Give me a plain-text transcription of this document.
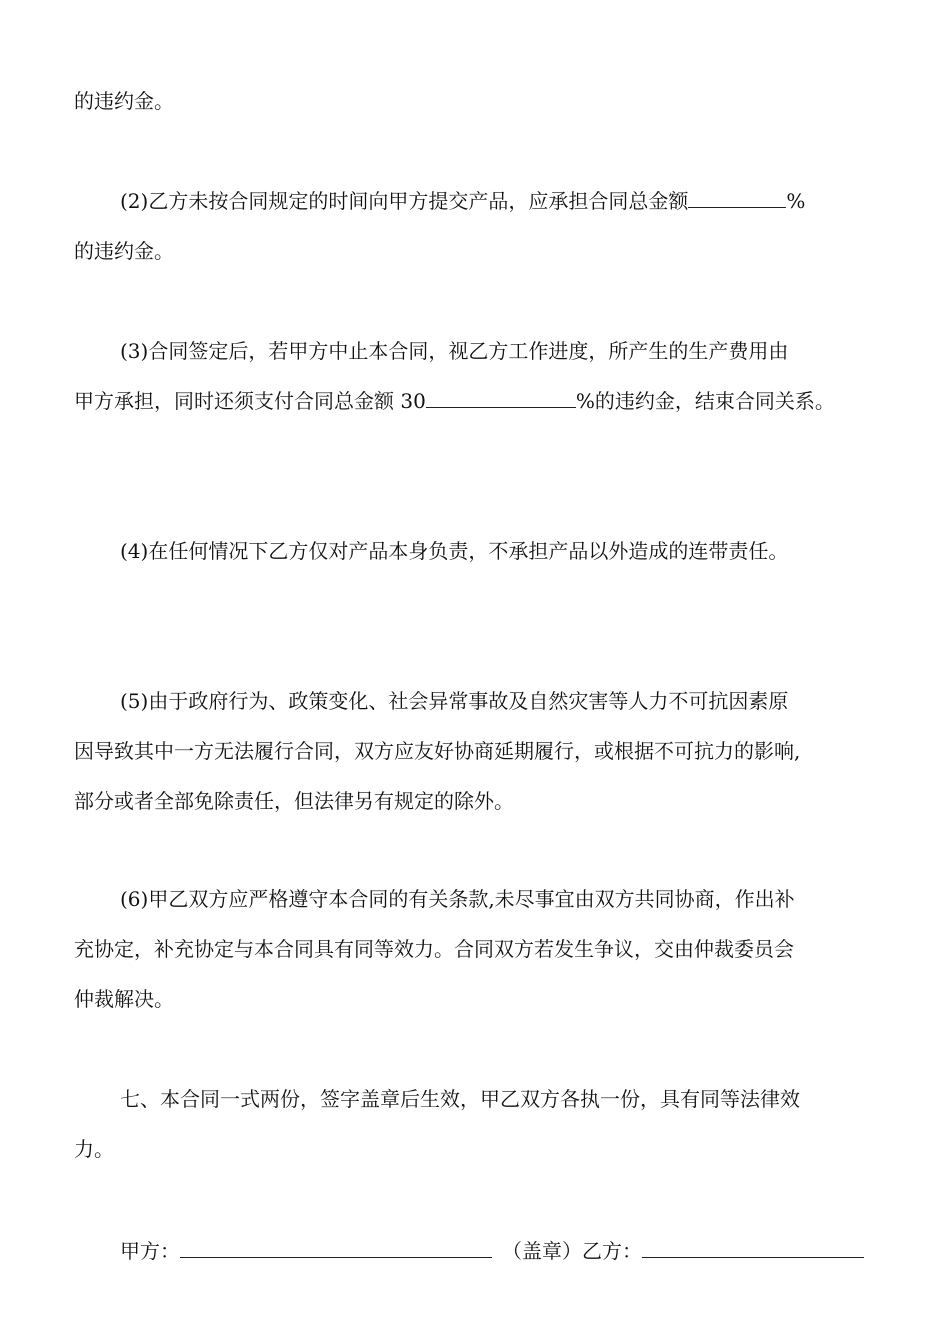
的违约金。
(2)乙方未按合同规定的时间向甲方提交产品，应承担合同总金额	%
的违约金。
(3)合同签定后，若甲方中止本合同，视乙方工作进度，所产生的生产费用由
甲方承担，同时还须支付合同总金额 30	%的违约金，结束合同关系。
(4)在任何情况下乙方仅对产品本身负责，不承担产品以外造成的连带责任。
(5)由于政府行为、政策变化、社会异常事故及自然灾害等人力不可抗因素原
因导致其中一方无法履行合同，双方应友好协商延期履行，或根据不可抗力的影响,
部分或者全部免除责任，但法律另有规定的除外。
(6)甲乙双方应严格遵守本合同的有关条款,未尽事宜由双方共同协商，作出补
充协定，补充协定与本合同具有同等效力。合同双方若发生争议，交由仲裁委员会
仲裁解决。
七、本合同一式两份，签字盖章后生效，甲乙双方各执一份，具有同等法律效
力。
甲方：	（盖章）乙方：
